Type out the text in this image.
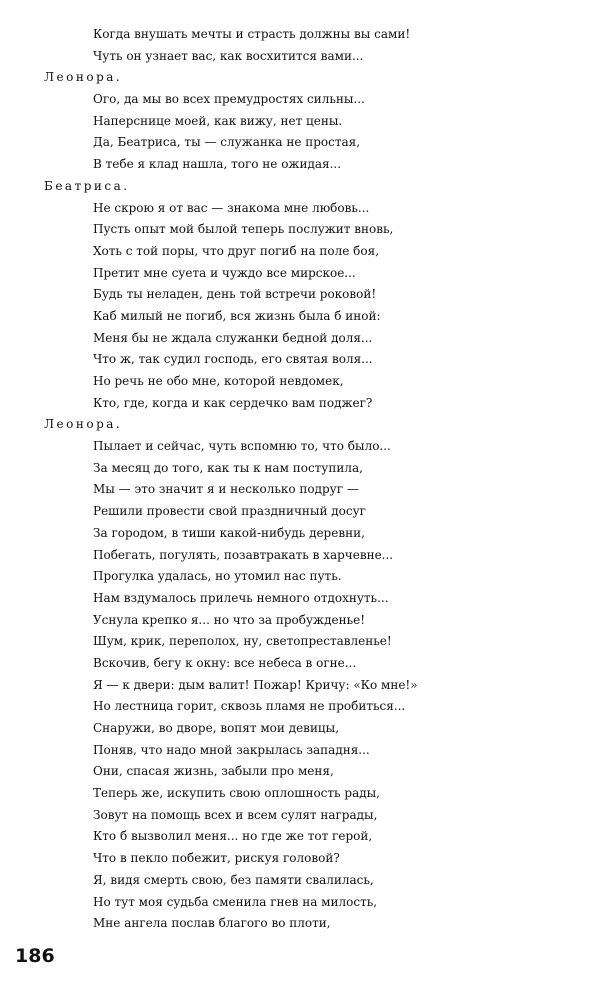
Когда внушать мечты и страсть должны вы сами!
Чуть он узнает вас, как восхитится вами...
Леонора.
Ого, да мы во всех премудростях сильны...
Наперснице моей, как вижу, нет цены.
Да, Беатриса, ты — служанка не простая,
В тебе я клад нашла, того не ожидая...
Беатриса.
Не скрою я от вас — знакома мне любовь...
Пусть опыт мой былой теперь послужит вновь,
Хоть с той поры, что друг погиб на поле боя,
Претит мне суета и чуждо все мирское...
Будь ты неладен, день той встречи роковой!
Каб милый не погиб, вся жизнь была б иной:
Меня бы не ждала служанки бедной доля...
Что ж, так судил господь, его святая воля...
Но речь не обо мне, которой невдомек,
Кто, где, когда и как сердечко вам поджег?
Леонора.
Пылает и сейчас, чуть вспомню то, что было...
За месяц до того, как ты к нам поступила,
Мы — это значит я и несколько подруг —
Решили провести свой праздничный досуг
За городом, в тиши какой-нибудь деревни,
Побегать, погулять, позавтракать в харчевне...
Прогулка удалась, но утомил нас путь.
Нам вздумалось прилечь немного отдохнуть...
Уснула крепко я... но что за пробужденье!
Шум, крик, переполох, ну, светопреставленье!
Вскочив, бегу к окну: все небеса в огне...
Я — к двери: дым валит! Пожар! Кричу: «Ко мне!»
Но лестница горит, сквозь пламя не пробиться...
Снаружи, во дворе, вопят мои девицы,
Поняв, что надо мной закрылась западня...
Они, спасая жизнь, забыли про меня,
Теперь же, искупить свою оплошность рады,
Зовут на помощь всех и всем сулят награды,
Кто б вызволил меня... но где же тот герой,
Что в пекло побежит, рискуя головой?
Я, видя смерть свою, без памяти свалилась,
Но тут моя судьба сменила гнев на милость,
Мне ангела послав благого во плоти,
186
